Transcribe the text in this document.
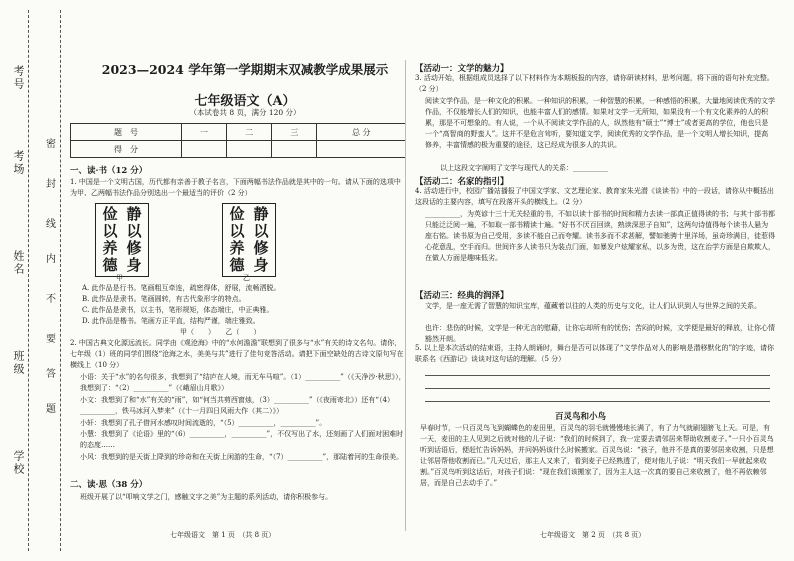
学校
班级
姓名
考场
考号
密
封
线
内
不
要
答
题
2023—2024 学年第一学期期末双减教学成果展示
七年级语文（A）
（本试卷共 8 页，满分 120 分）
题　号	一	二	三	总 分
得　分				
一、读·书（12 分）
1. 中国是一个文明古国，历代都有亲善于教子名言，下面两幅书法作品就是其中的一句。请从下面的选项中为甲、乙两幅书法作品分别选出一个最适当的评价（2 分）
俭 静
以 以
养 修
德 身
俭 静
以 以
养 修
德 身
甲	乙
A. 此作品是行书。笔画粗互牵连，疏密得体，舒展，流畅洒脱。
B. 此作品是隶书。笔画圆转，有古代象形字的特点。
C. 此作品是隶书，以主书，笔形规矩，体态端庄，中正典雅。
D. 此作品是楷书。笔画方正平直，结构严谨，端庄雅致。
甲（　　）　　乙（　　）
2. 中国古典文化源远流长。同学由《观沧海》中的“水何澹澹”联想到了很多与“水”有关的诗文名句。请你，七年级（1）班的同学们围绕“沧海之水，美美与共”进行了佳句竞答活动。请把下面空缺处的古诗文原句写在横线上（10 分）
小语：关于“水”的名句很多，我想到了“结庐在人境，而无车马喧”。（1）__________”（《天净沙·秋思》），我想到了：“（2）__________”（《峨眉山月歌》）
小文：我想到了和“水”有关的“雨”，如“何当共剪西窗烛，（3）__________”（《夜雨寄北》）还有“（4）__________，铁马冰河入梦来”（《十一月四日风雨大作（其二）》）
小轩：我想到了孔子借河水感叹时间流逝的，“（5）__________，__________”。
小慧：我想到了《论语》里的“（6）__________，__________”，不仅写出了水，还刻画了人们面对困难时的态度……
小风：我想到的是天街上降到的珍奇和在天街上闲游的生命，“（7）__________”，那陆着河的生命很美。
二、读·思（38 分）
班级开展了以“叩响文学之门，感触文字之美”为主题的系列活动，请你积极参与。
七年级语文　第 1 页　（共 8 页）
【活动一：文学的魅力】
3. 活动开始，根据组成员选择了以下材料作为本期板报的内容，请你研读材料，思考问题，将下面的语句补充完整。（2 分）
阅读文学作品，是一种文化的积累。一种知识的积累，一种智慧的积累，一种感悟的积累，大量地阅读优秀的文学作品，不仅能增长人们的知识，也能丰富人们的感情。如果对文学一无所知，如果没有一个有文化素养的人的积累，那是不可想象的。有人说，一个从不阅读文学作品的人，纵然他有“硕士”“博士”或者更高的学位，他也只是一个“高智商的野蛮人”。这并不是危言耸听，要知道文学，阅读优秀的文学作品，是一个文明人增长知识，提高修养，丰富情感的极为重要的途径，这已经成为很多人的共识。
以上这段文字阐明了文学与现代人的关系：__________
【活动二：名家的指引】
4. 活动进行中，校园广播站播报了中国文学家、文艺理论家、教育家朱光潜《谈读书》中的一段话，请你从中概括出这段话的主要内容，填写在段落开头的横线上。（2 分）
__________，为英谚十三十无关轻重的书，不如以读十部书的时间和精力去读一部真正值得读的书；与其十部书都只能泛泛阅一遍，不如取一部书精读十遍。“好书不厌百回读，熟读深思子自知”，这两句诗值得每个读书人悬为座右铭。读书原为自己受用，多读不能自己而夸耀。读书多而不求甚解，譬如驰骋十里洋场，虽奇珍满目，徒惹得心花意乱，空手而归。世间许多人读书只为装点门面，如暴发户炫耀家私，以多为贵，这在治学方面是自欺欺人，在做人方面是趣味低劣。
【活动三：经典的润泽】
文学，是一座无需了智慧的知识宝库，蕴藏着以往的人类的历史与文化，让人们认识到人与世界之间的关系。
也许：悲伤的时候，文学是一种无言的慰藉，让你忘却所有的忧伤；苦闷的时候，文学便是最好的释放，让你心情豁然开朗。
5. 以上是本次活动的结束语，主持人朗诵时，舞台是否可以体现了“文学作品对人的影响是潜移默化的”的字迹，请你联系名《西游记》谈谈对这句话的理解。（5 分）
百灵鸟和小鸟
早春时节，一只百灵鸟飞到蝴蝶色的麦田里，百灵鸟的羽毛就慢慢地长满了，有了力气就刷翅膀飞上天。可是，有一天，麦田的主人见到之后就对他的儿子说：“我们的时候到了，我一定要去请邻居来帮助收割麦子。”一只小百灵鸟听到话语后，便赶忙告诉妈妈，并问妈妈该什么时候搬家。百灵鸟说：“孩子，他并不是真的要邻居来收割，只是想让邻居帮他收割而已。”几天过后，那主人又来了，看到麦子已经熟透了，便对他儿子说：“明天我们一早就起来收割。”百灵鸟听到这话后，对孩子们说：“现在我们该搬家了，因为主人这一次真的要自己来收割了，他不再依赖邻居，而是自己去动手了。”
七年级语文　第 2 页　（共 8 页）
